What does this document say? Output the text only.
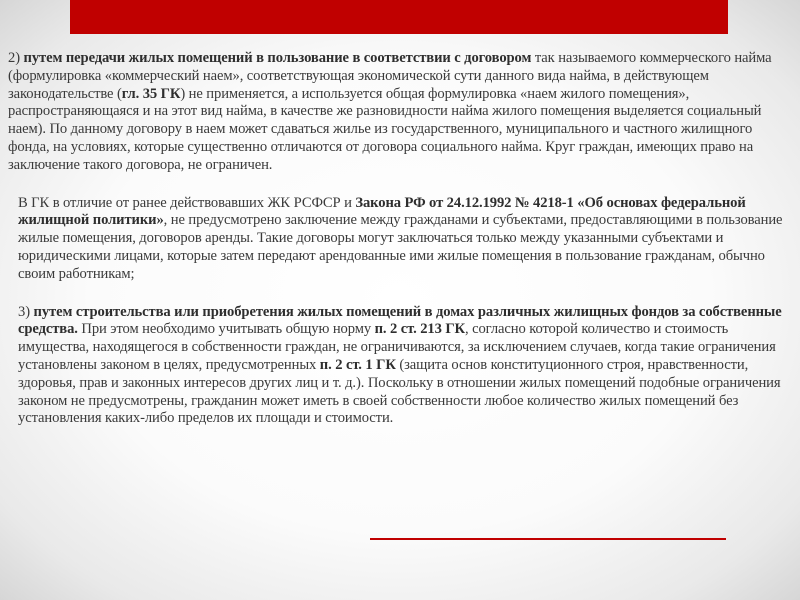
2) путем передачи жилых помещений в пользование в соответствии с договором так называемого коммерческого найма (формулировка «коммерческий наем», соответствующая экономической сути данного вида найма, в действующем законодательстве (гл. 35 ГК) не применяется, а используется общая формулировка «наем жилого помещения», распространяющаяся и на этот вид найма, в качестве же разновидности найма жилого помещения выделяется социальный наем). По данному договору в наем может сдаваться жилье из государственного, муниципального и частного жилищного фонда, на условиях, которые существенно отличаются от договора социального найма. Круг граждан, имеющих право на заключение такого договора, не ограничен.

В ГК в отличие от ранее действовавших ЖК РСФСР и Закона РФ от 24.12.1992 № 4218-1 «Об основах федеральной жилищной политики», не предусмотрено заключение между гражданами и субъектами, предоставляющими в пользование жилые помещения, договоров аренды. Такие договоры могут заключаться только между указанными субъектами и юридическими лицами, которые затем передают арендованные ими жилые помещения в пользование гражданам, обычно своим работникам;

3) путем строительства или приобретения жилых помещений в домах различных жилищных фондов за собственные средства. При этом необходимо учитывать общую норму п. 2 ст. 213 ГК, согласно которой количество и стоимость имущества, находящегося в собственности граждан, не ограничиваются, за исключением случаев, когда такие ограничения установлены законом в целях, предусмотренных п. 2 ст. 1 ГК (защита основ конституционного строя, нравственности, здоровья, прав и законных интересов других лиц и т. д.). Поскольку в отношении жилых помещений подобные ограничения законом не предусмотрены, гражданин может иметь в своей собственности любое количество жилых помещений без установления каких-либо пределов их площади и стоимости.
